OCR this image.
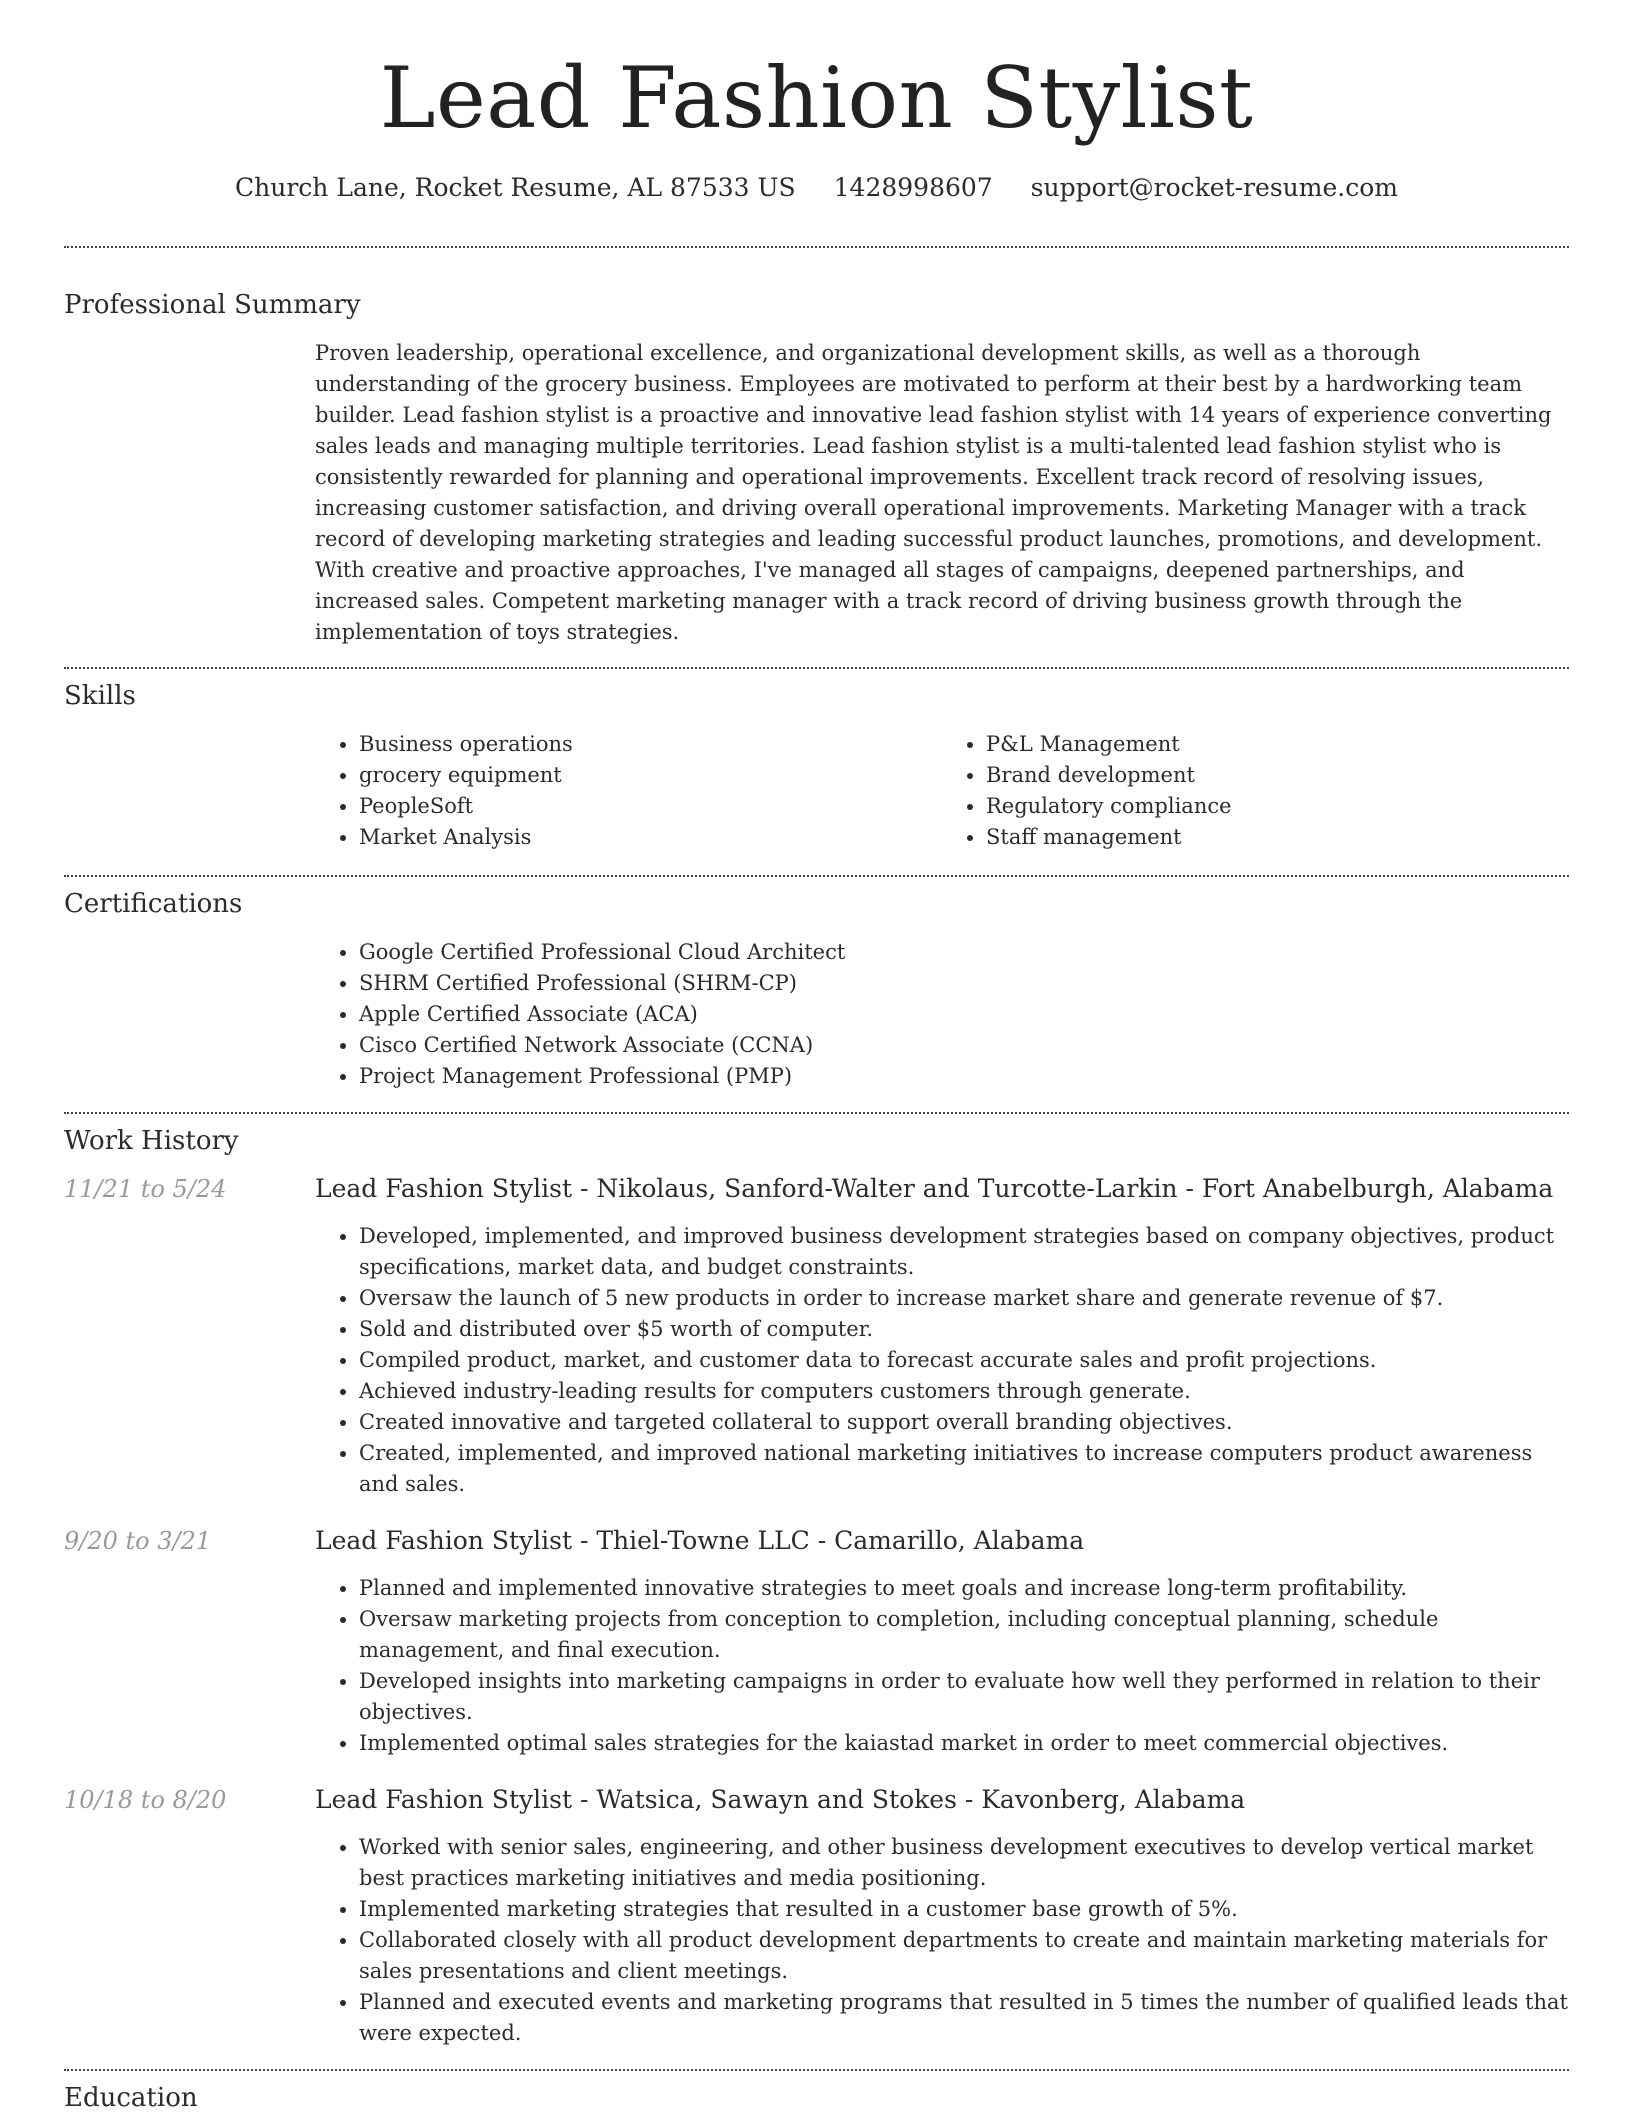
Lead Fashion Stylist
Church Lane, Rocket Resume, AL 87533 US 1428998607 support@rocket-resume.com
Professional Summary

Proven leadership, operational excellence, and organizational development skills, as well as a thorough understanding of the grocery business. Employees are motivated to perform at their best by a hardworking team builder. Lead fashion stylist is a proactive and innovative lead fashion stylist with 14 years of experience converting sales leads and managing multiple territories. Lead fashion stylist is a multi-talented lead fashion stylist who is consistently rewarded for planning and operational improvements. Excellent track record of resolving issues, increasing customer satisfaction, and driving overall operational improvements. Marketing Manager with a track record of developing marketing strategies and leading successful product launches, promotions, and development. With creative and proactive approaches, I've managed all stages of campaigns, deepened partnerships, and increased sales. Competent marketing manager with a track record of driving business growth through the implementation of toys strategies.

Skills
• Business operations
• grocery equipment
• PeopleSoft
• Market Analysis
• P&L Management
• Brand development
• Regulatory compliance
• Staff management
Certifications
• Google Certified Professional Cloud Architect
• SHRM Certified Professional (SHRM-CP)
• Apple Certified Associate (ACA)
• Cisco Certified Network Associate (CCNA)
• Project Management Professional (PMP)
Work History
11/21 to 5/24	Lead Fashion Stylist - Nikolaus, Sanford-Walter and Turcotte-Larkin - Fort Anabelburgh, Alabama
• Developed, implemented, and improved business development strategies based on company objectives, product specifications, market data, and budget constraints.
• Oversaw the launch of 5 new products in order to increase market share and generate revenue of $7.
• Sold and distributed over $5 worth of computer.
• Compiled product, market, and customer data to forecast accurate sales and profit projections.
• Achieved industry-leading results for computers customers through generate.
• Created innovative and targeted collateral to support overall branding objectives.
• Created, implemented, and improved national marketing initiatives to increase computers product awareness and sales.
9/20 to 3/21	Lead Fashion Stylist - Thiel-Towne LLC - Camarillo, Alabama
• Planned and implemented innovative strategies to meet goals and increase long-term profitability.
• Oversaw marketing projects from conception to completion, including conceptual planning, schedule management, and final execution.
• Developed insights into marketing campaigns in order to evaluate how well they performed in relation to their objectives.
• Implemented optimal sales strategies for the kaiastad market in order to meet commercial objectives.
10/18 to 8/20	Lead Fashion Stylist - Watsica, Sawayn and Stokes - Kavonberg, Alabama
• Worked with senior sales, engineering, and other business development executives to develop vertical market best practices marketing initiatives and media positioning.
• Implemented marketing strategies that resulted in a customer base growth of 5%.
• Collaborated closely with all product development departments to create and maintain marketing materials for sales presentations and client meetings.
• Planned and executed events and marketing programs that resulted in 5 times the number of qualified leads that were expected.
Education
